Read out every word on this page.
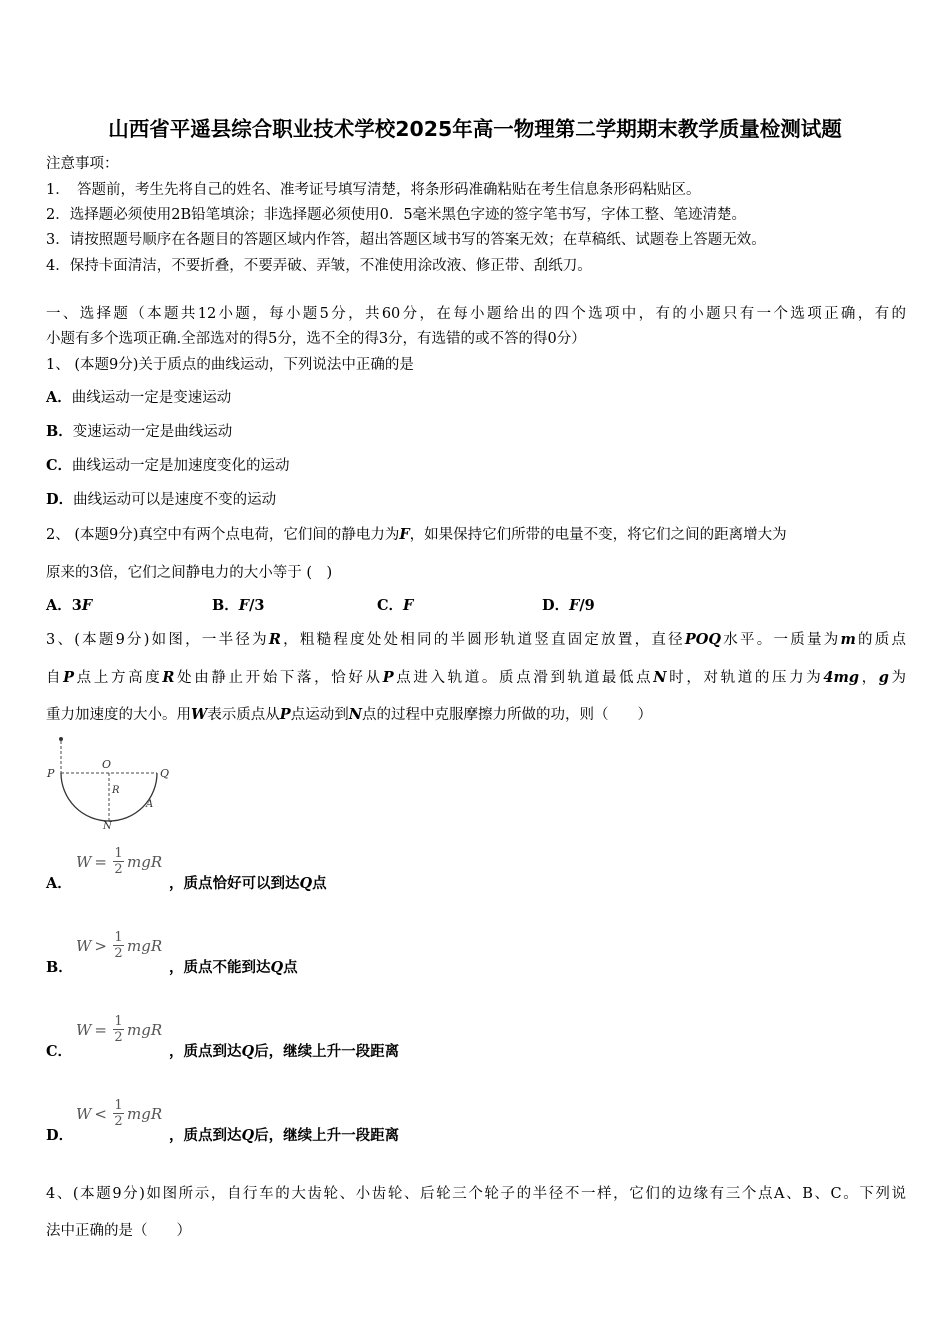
山西省平遥县综合职业技术学校2025年高一物理第二学期期末教学质量检测试题
注意事项：
1．　答题前，考生先将自己的姓名、准考证号填写清楚，将条形码准确粘贴在考生信息条形码粘贴区。
2．选择题必须使用2B铅笔填涂；非选择题必须使用0．5毫米黑色字迹的签字笔书写，字体工整、笔迹清楚。
3．请按照题号顺序在各题目的答题区域内作答，超出答题区域书写的答案无效；在草稿纸、试题卷上答题无效。
4．保持卡面清洁，不要折叠，不要弄破、弄皱，不准使用涂改液、修正带、刮纸刀。
一、选择题（本题共12小题，每小题5分，共60分，在每小题给出的四个选项中，有的小题只有一个选项正确，有的
小题有多个选项正确.全部选对的得5分，选不全的得3分，有选错的或不答的得0分）
1、 (本题9分)关于质点的曲线运动，下列说法中正确的是
A．曲线运动一定是变速运动
B．变速运动一定是曲线运动
C．曲线运动一定是加速度变化的运动
D．曲线运动可以是速度不变的运动
2、 (本题9分)真空中有两个点电荷，它们间的静电力为F，如果保持它们所带的电量不变，将它们之间的距离增大为
原来的3倍，它们之间静电力的大小等于 (　)
A．3F	B．F/3	C．F	D．F/9
3、(本题9分)如图，一半径为R，粗糙程度处处相同的半圆形轨道竖直固定放置，直径POQ水平。一质量为m的质点
自P点上方高度R处由静止开始下落，恰好从P点进入轨道。质点滑到轨道最低点N时，对轨道的压力为4mg，g为
重力加速度的大小。用W表示质点从P点运动到N点的过程中克服摩擦力所做的功，则（　　）
P
O
Q
R
A
N
A．
$W = \frac{1}{2}$ mgR
，质点恰好可以到达Q点
B．
$W > \frac{1}{2}$ mgR
，质点不能到达Q点
C．
$W = \frac{1}{2}$ mgR
，质点到达Q后，继续上升一段距离
D．
$W < \frac{1}{2}$ mgR
，质点到达Q后，继续上升一段距离
4、(本题9分)如图所示，自行车的大齿轮、小齿轮、后轮三个轮子的半径不一样，它们的边缘有三个点A、B、C。下列说
法中正确的是（　　）
